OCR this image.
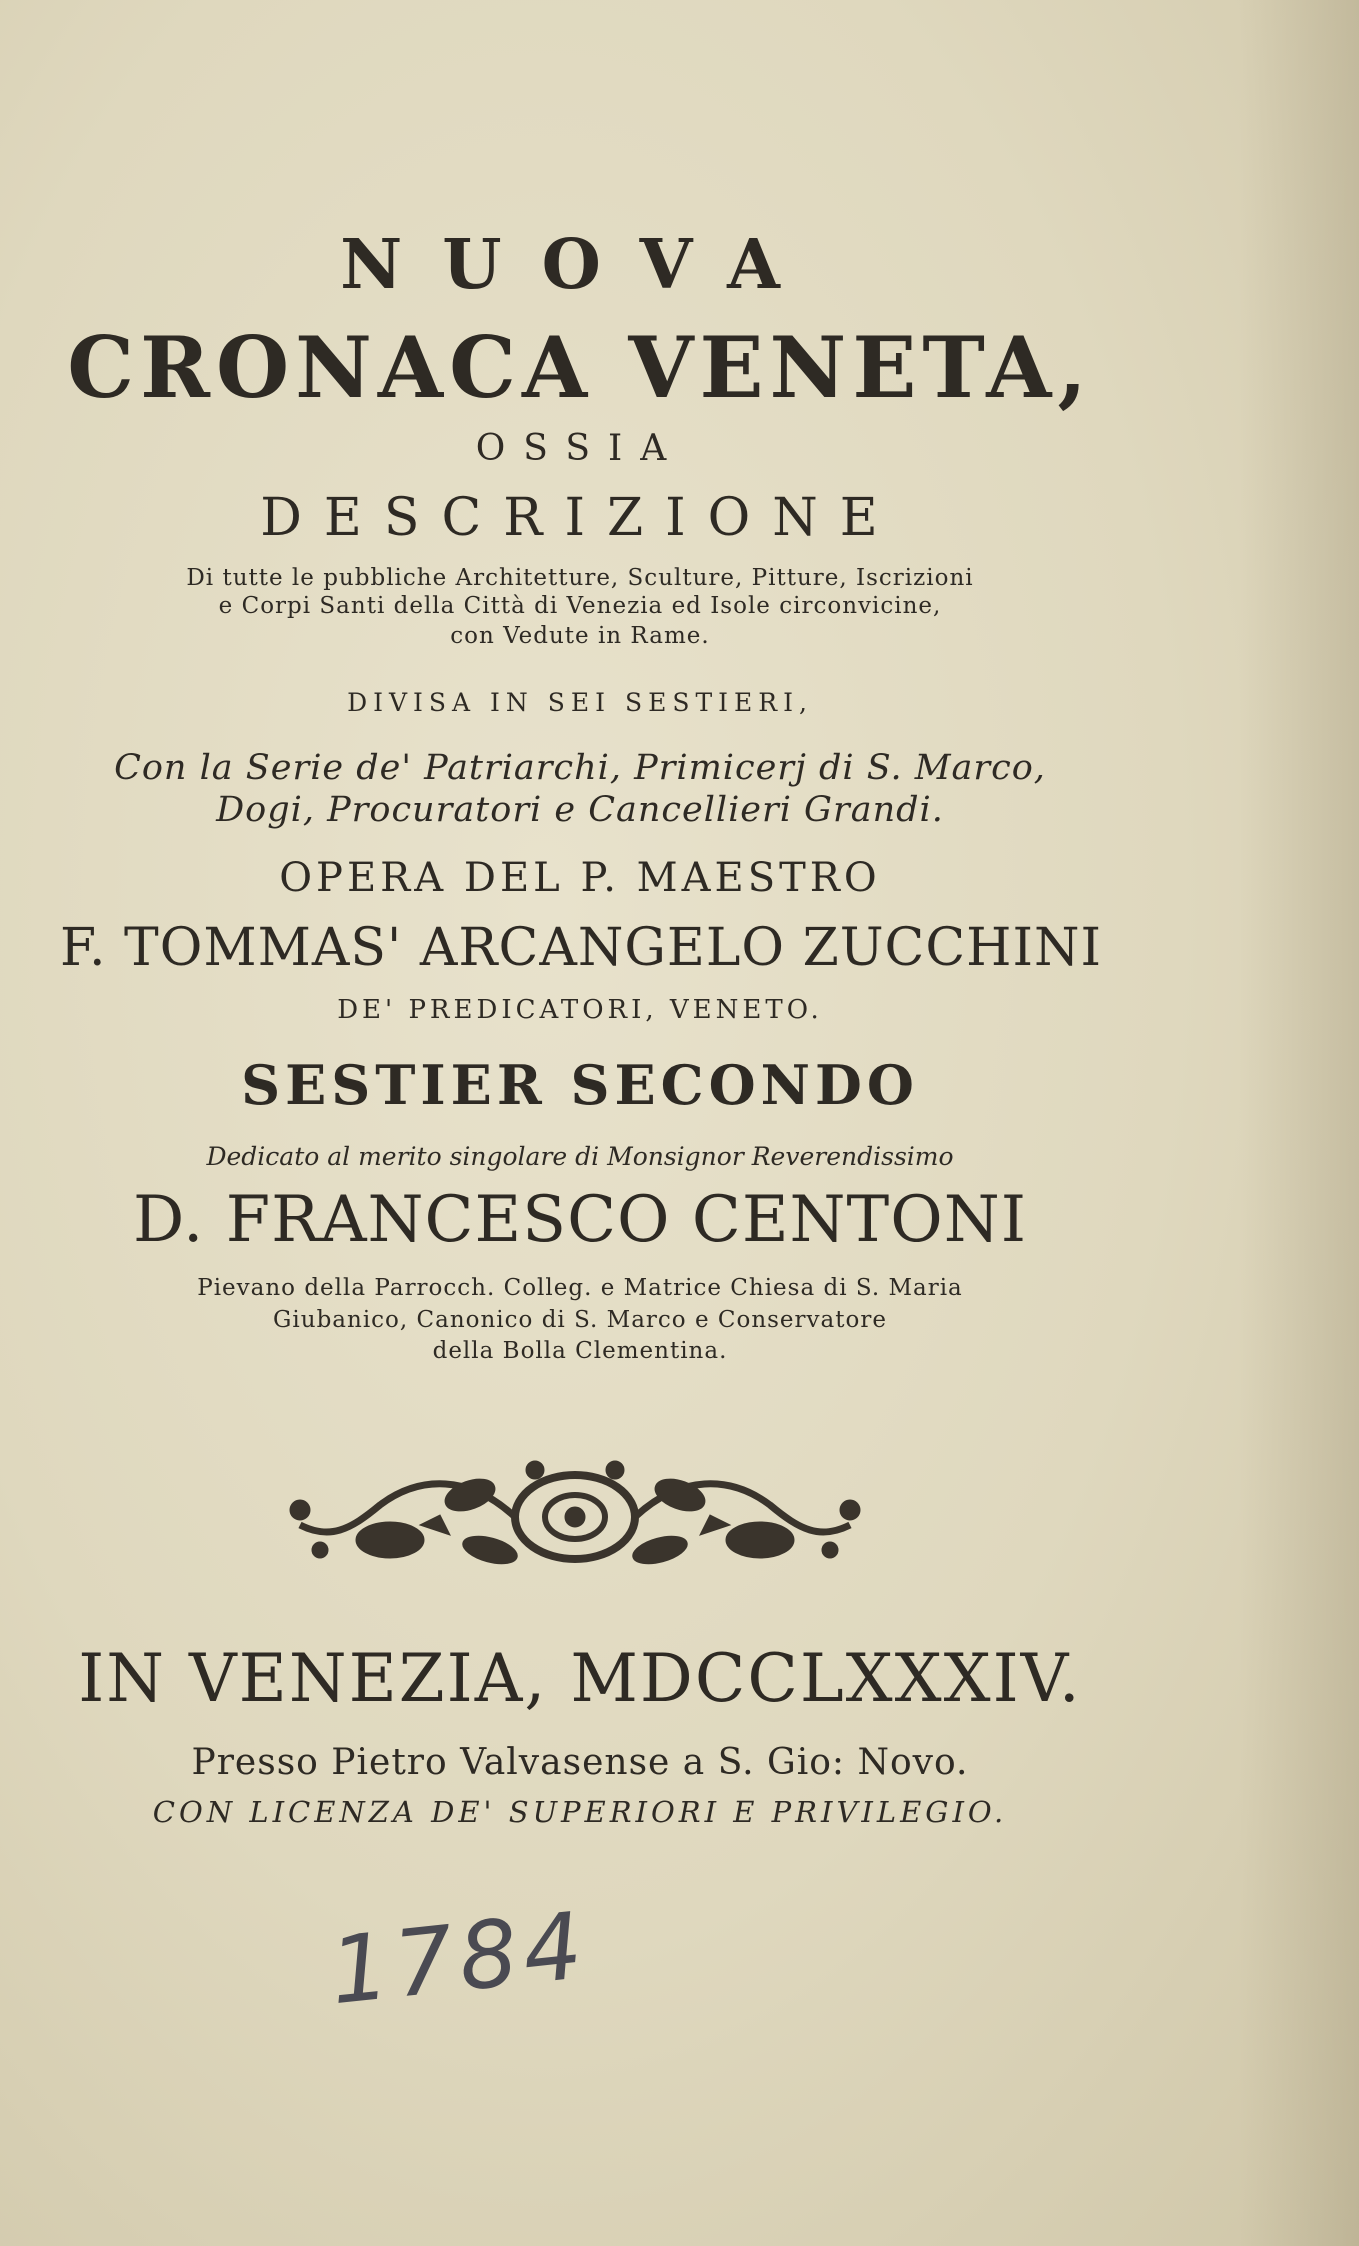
NUOVA
CRONACA VENETA,
OSSIA
DESCRIZIONE
Di tutte le pubbliche Architetture, Sculture, Pitture, Iscrizioni
e Corpi Santi della Città di Venezia ed Isole circonvicine,
con Vedute in Rame.
DIVISA IN SEI SESTIERI,
Con la Serie de' Patriarchi, Primicerj di S. Marco,
Dogi, Procuratori e Cancellieri Grandi.
OPERA DEL P. MAESTRO
F. TOMMAS' ARCANGELO ZUCCHINI
DE' PREDICATORI, VENETO.
SESTIER SECONDO
Dedicato al merito singolare di Monsignor Reverendissimo
D. FRANCESCO CENTONI
Pievano della Parrocch. Colleg. e Matrice Chiesa di S. Maria
Giubanico, Canonico di S. Marco e Conservatore
della Bolla Clementina.
IN VENEZIA, MDCCLXXXIV.
Presso Pietro Valvasense a S. Gio: Novo.
CON LICENZA DE' SUPERIORI E PRIVILEGIO.
1784
